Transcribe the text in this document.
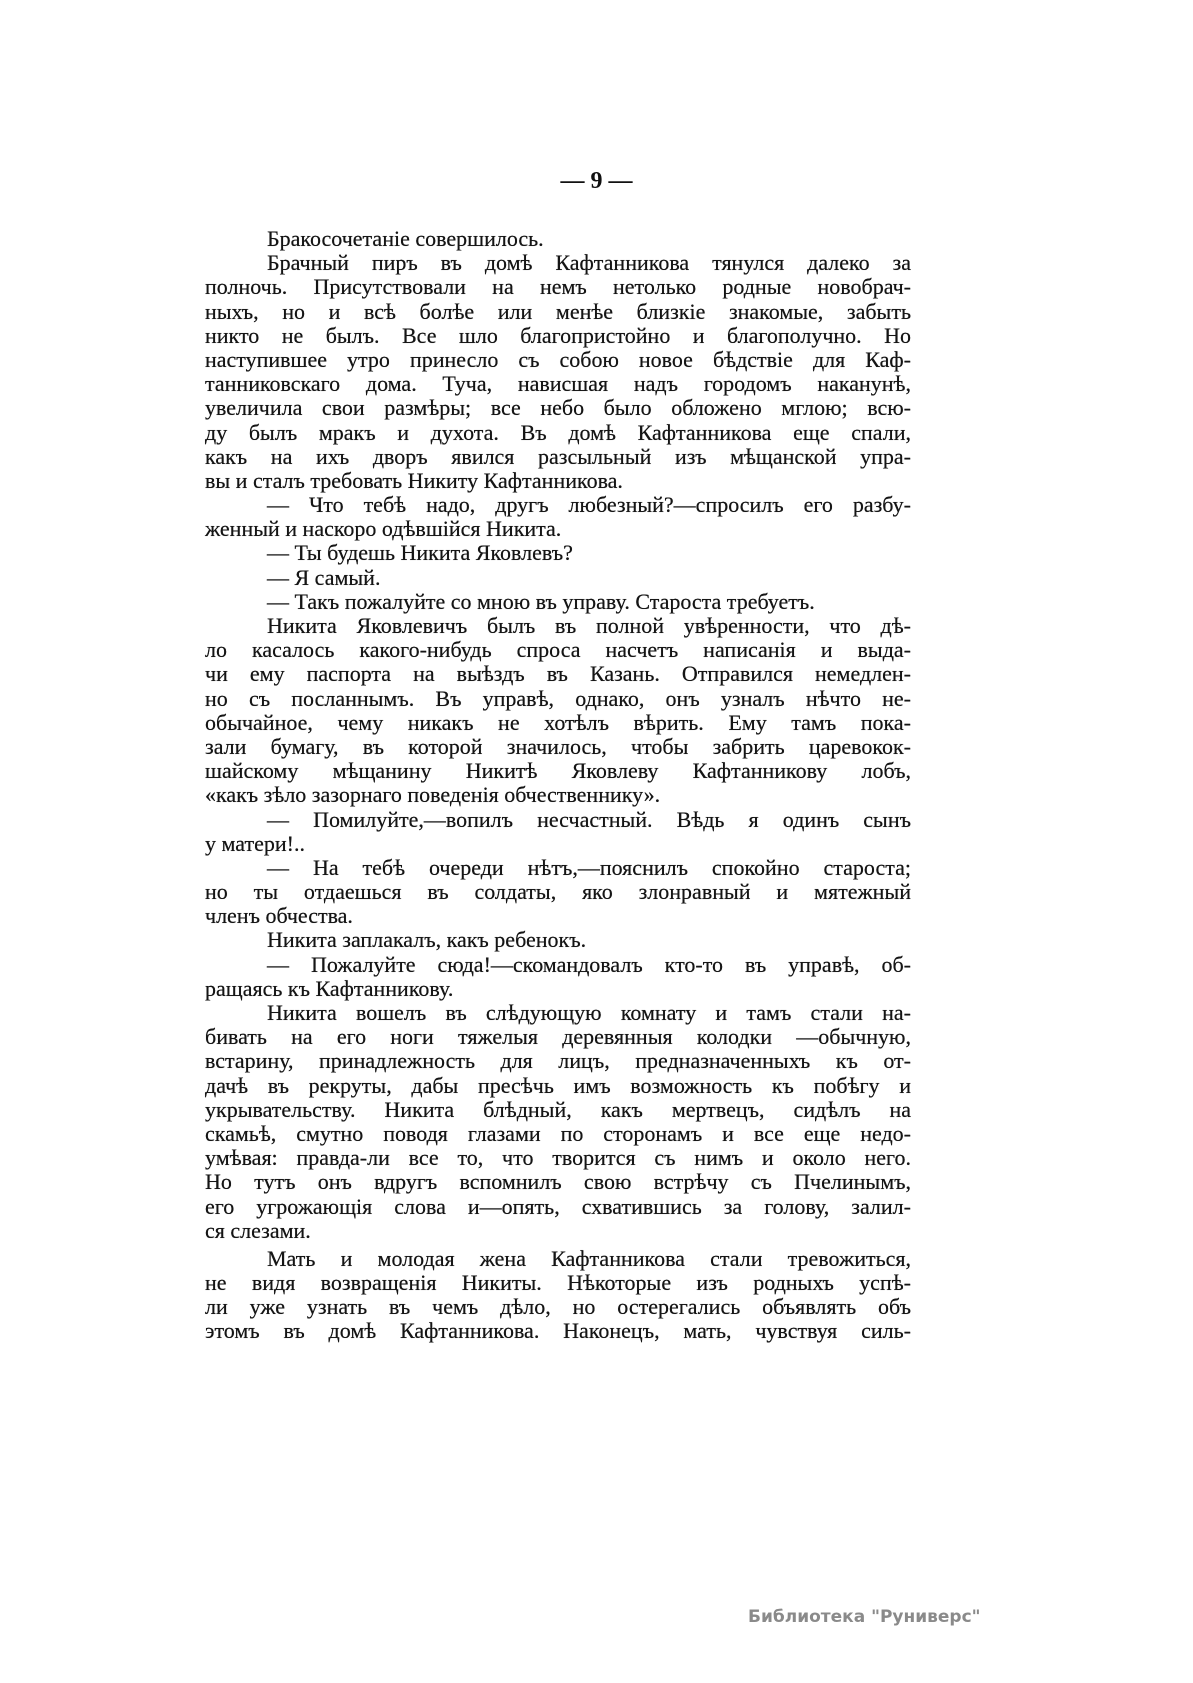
— 9 —
Бракосочетаніе совершилось.
Брачный пиръ въ домѣ Кафтанникова тянулся далеко за
полночь. Присутствовали на немъ нетолько родные новобрач-
ныхъ, но и всѣ болѣе или менѣе близкіе знакомые, забыть
никто не былъ. Все шло благопристойно и благополучно. Но
наступившее утро принесло съ собою новое бѣдствіе для Каф-
танниковскаго дома. Туча, нависшая надъ городомъ наканунѣ,
увеличила свои размѣры; все небо было обложено мглою; всю-
ду былъ мракъ и духота. Въ домѣ Кафтанникова еще спали,
какъ на ихъ дворъ явился разсыльный изъ мѣщанской упра-
вы и сталъ требовать Никиту Кафтанникова.
— Что тебѣ надо, другъ любезный?—спросилъ его разбу-
женный и наскоро одѣвшійся Никита.
— Ты будешь Никита Яковлевъ?
— Я самый.
— Такъ пожалуйте со мною въ управу. Староста требуетъ.
Никита Яковлевичъ былъ въ полной увѣренности, что дѣ-
ло касалось какого-нибудь спроса насчетъ написанія и выда-
чи ему паспорта на выѣздъ въ Казань. Отправился немедлен-
но съ посланнымъ. Въ управѣ, однако, онъ узналъ нѣчто не-
обычайное, чему никакъ не хотѣлъ вѣрить. Ему тамъ пока-
зали бумагу, въ которой значилось, чтобы забрить царевокок-
шайскому мѣщанину Никитѣ Яковлеву Кафтанникову лобъ,
«какъ зѣло зазорнаго поведенія обчественнику».
— Помилуйте,—вопилъ несчастный. Вѣдь я одинъ сынъ
у матери!..
— На тебѣ очереди нѣтъ,—пояснилъ спокойно староста;
но ты отдаешься въ солдаты, яко злонравный и мятежный
членъ обчества.
Никита заплакалъ, какъ ребенокъ.
— Пожалуйте сюда!—скомандовалъ кто-то въ управѣ, об-
ращаясь къ Кафтанникову.
Никита вошелъ въ слѣдующую комнату и тамъ стали на-
бивать на его ноги тяжелыя деревянныя колодки —обычную,
встарину, принадлежность для лицъ, предназначенныхъ къ от-
дачѣ въ рекруты, дабы пресѣчь имъ возможность къ побѣгу и
укрывательству. Никита блѣдный, какъ мертвецъ, сидѣлъ на
скамьѣ, смутно поводя глазами по сторонамъ и все еще недо-
умѣвая: правда-ли все то, что творится съ нимъ и около него.
Но тутъ онъ вдругъ вспомнилъ свою встрѣчу съ Пчелинымъ,
его угрожающія слова и—опять, схватившись за голову, залил-
ся слезами.
Мать и молодая жена Кафтанникова стали тревожиться,
не видя возвращенія Никиты. Нѣкоторые изъ родныхъ успѣ-
ли уже узнать въ чемъ дѣло, но остерегались объявлять объ
этомъ въ домѣ Кафтанникова. Наконецъ, мать, чувствуя силь-
Библиотека "Руниверс"
